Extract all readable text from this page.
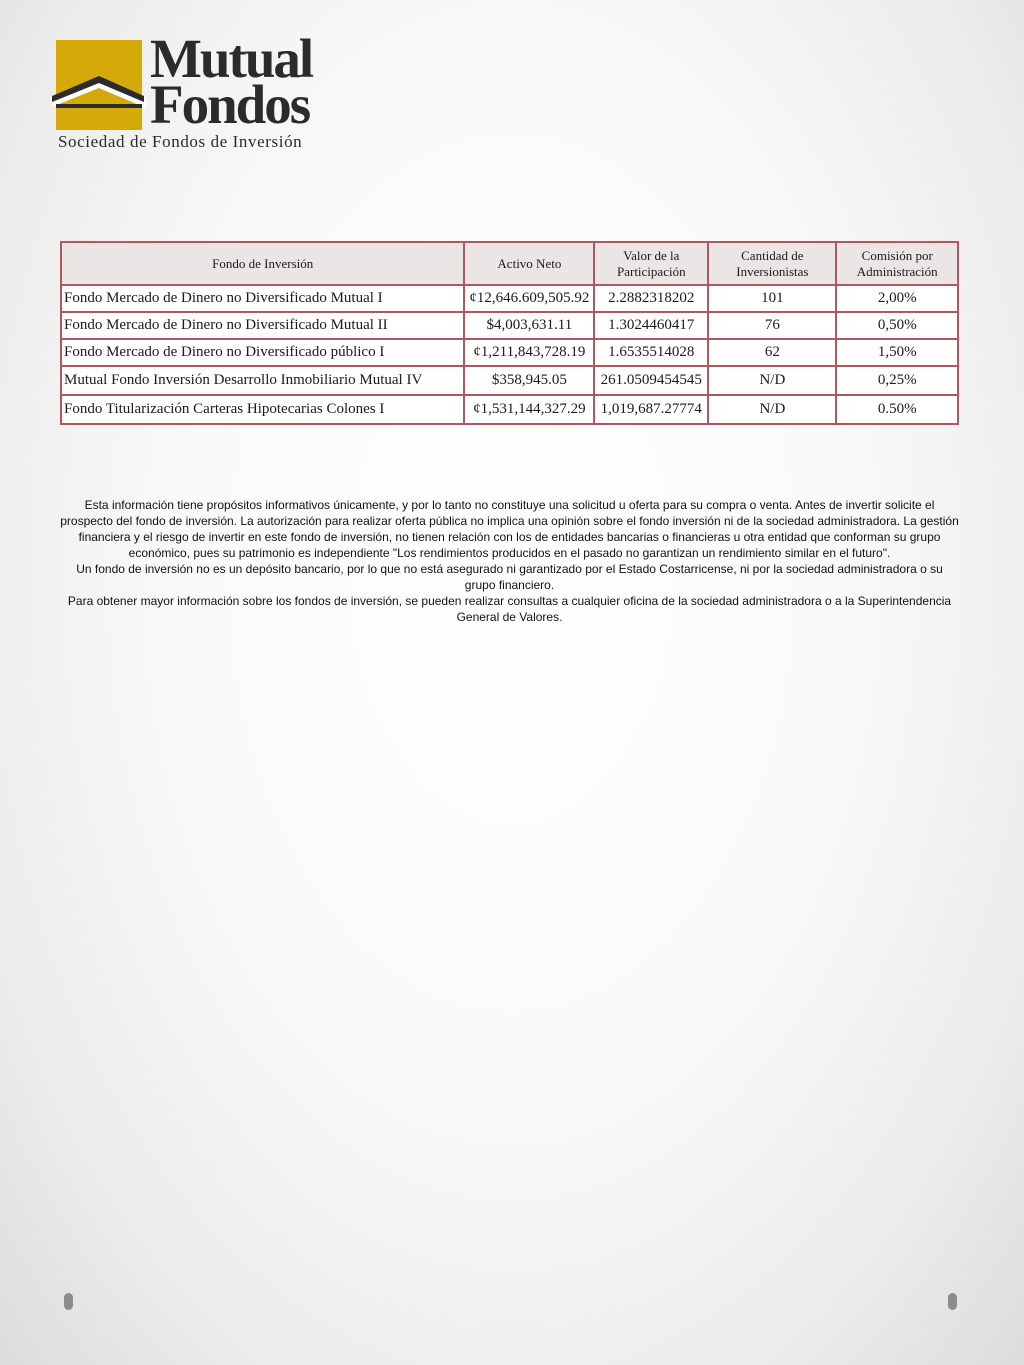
Mutual
Fondos
Sociedad de Fondos de Inversión
Fondo de Inversión	Activo Neto	Valor de la Participación	Cantidad de Inversionistas	Comisión por Administración
Fondo Mercado de Dinero no Diversificado Mutual I	¢12,646.609,505.92	2.2882318202	101	2,00%
Fondo Mercado de Dinero no Diversificado Mutual II	$4,003,631.11	1.3024460417	76	0,50%
Fondo Mercado de Dinero no Diversificado público I	¢1,211,843,728.19	1.6535514028	62	1,50%
Mutual Fondo Inversión Desarrollo Inmobiliario Mutual IV	$358,945.05	261.0509454545	N/D	0,25%
Fondo Titularización Carteras Hipotecarias Colones I	¢1,531,144,327.29	1,019,687.27774	N/D	0.50%

Esta información tiene propósitos informativos únicamente, y por lo tanto no constituye una solicitud u oferta para su compra o venta. Antes de invertir solicite el prospecto del fondo de inversión. La autorización para realizar oferta pública no implica una opinión sobre el fondo inversión ni de la sociedad administradora. La gestión financiera y el riesgo de invertir en este fondo de inversión, no tienen relación con los de entidades bancarias o financieras u otra entidad que conforman su grupo económico, pues su patrimonio es independiente "Los rendimientos producidos en el pasado no garantizan un rendimiento similar en el futuro".

Un fondo de inversión no es un depósito bancario, por lo que no está asegurado ni garantizado por el Estado Costarricense, ni por la sociedad administradora o su grupo financiero.

Para obtener mayor información sobre los fondos de inversión, se pueden realizar consultas a cualquier oficina de la sociedad administradora o a la Superintendencia General de Valores.
